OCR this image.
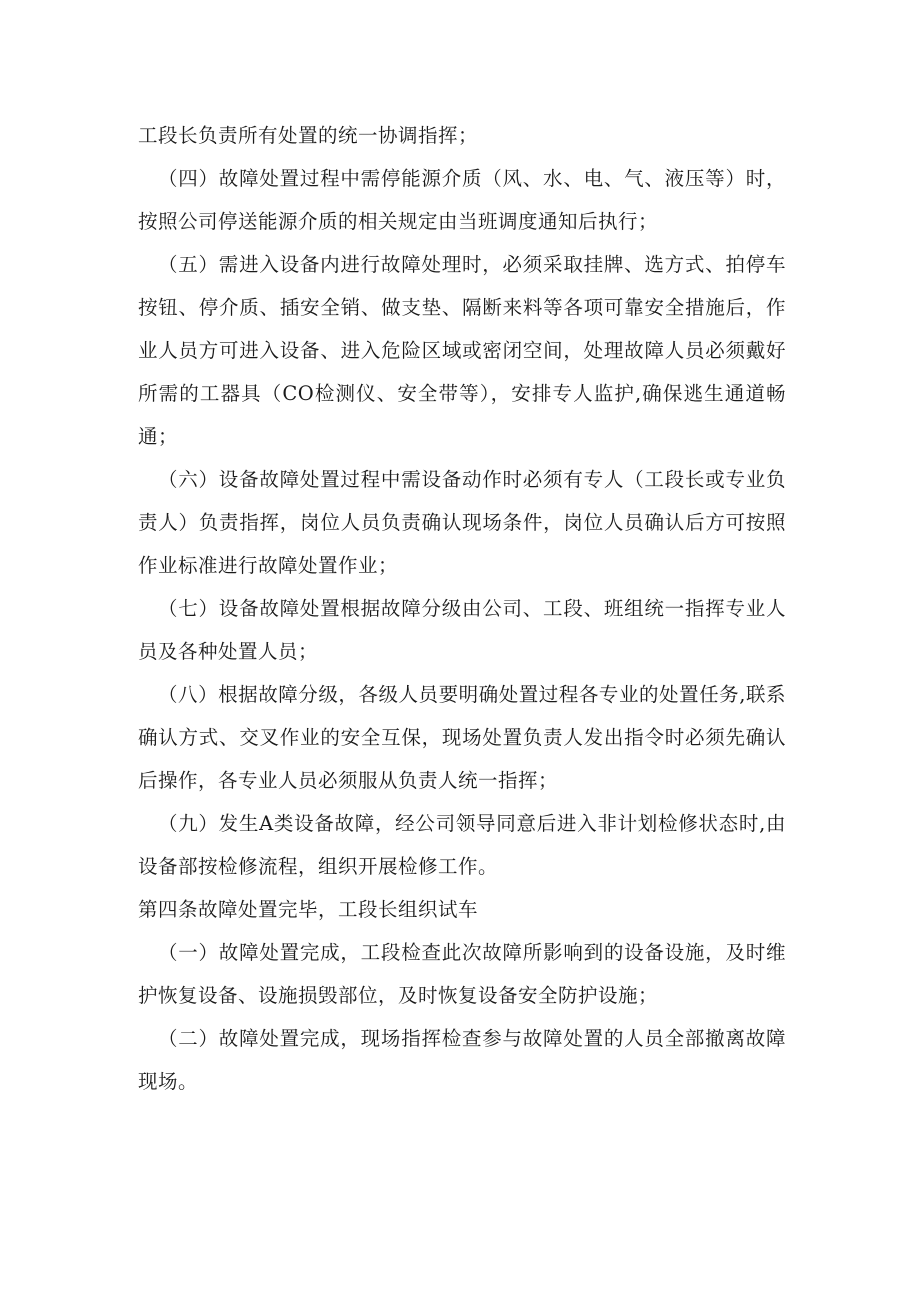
工段长负责所有处置的统一协调指挥；

（四）故障处置过程中需停能源介质（风、水、电、气、液压等）时，按照公司停送能源介质的相关规定由当班调度通知后执行；

（五）需进入设备内进行故障处理时，必须采取挂牌、选方式、拍停车按钮、停介质、插安全销、做支垫、隔断来料等各项可靠安全措施后，作业人员方可进入设备、进入危险区域或密闭空间，处理故障人员必须戴好所需的工器具（CO检测仪、安全带等），安排专人监护,确保逃生通道畅通；

（六）设备故障处置过程中需设备动作时必须有专人（工段长或专业负责人）负责指挥，岗位人员负责确认现场条件，岗位人员确认后方可按照作业标准进行故障处置作业；

（七）设备故障处置根据故障分级由公司、工段、班组统一指挥专业人员及各种处置人员；

（八）根据故障分级，各级人员要明确处置过程各专业的处置任务,联系确认方式、交叉作业的安全互保，现场处置负责人发出指令时必须先确认后操作，各专业人员必须服从负责人统一指挥；

（九）发生A类设备故障，经公司领导同意后进入非计划检修状态时,由设备部按检修流程，组织开展检修工作。

第四条故障处置完毕，工段长组织试车

（一）故障处置完成，工段检查此次故障所影响到的设备设施，及时维护恢复设备、设施损毁部位，及时恢复设备安全防护设施；

（二）故障处置完成，现场指挥检查参与故障处置的人员全部撤离故障现场。
